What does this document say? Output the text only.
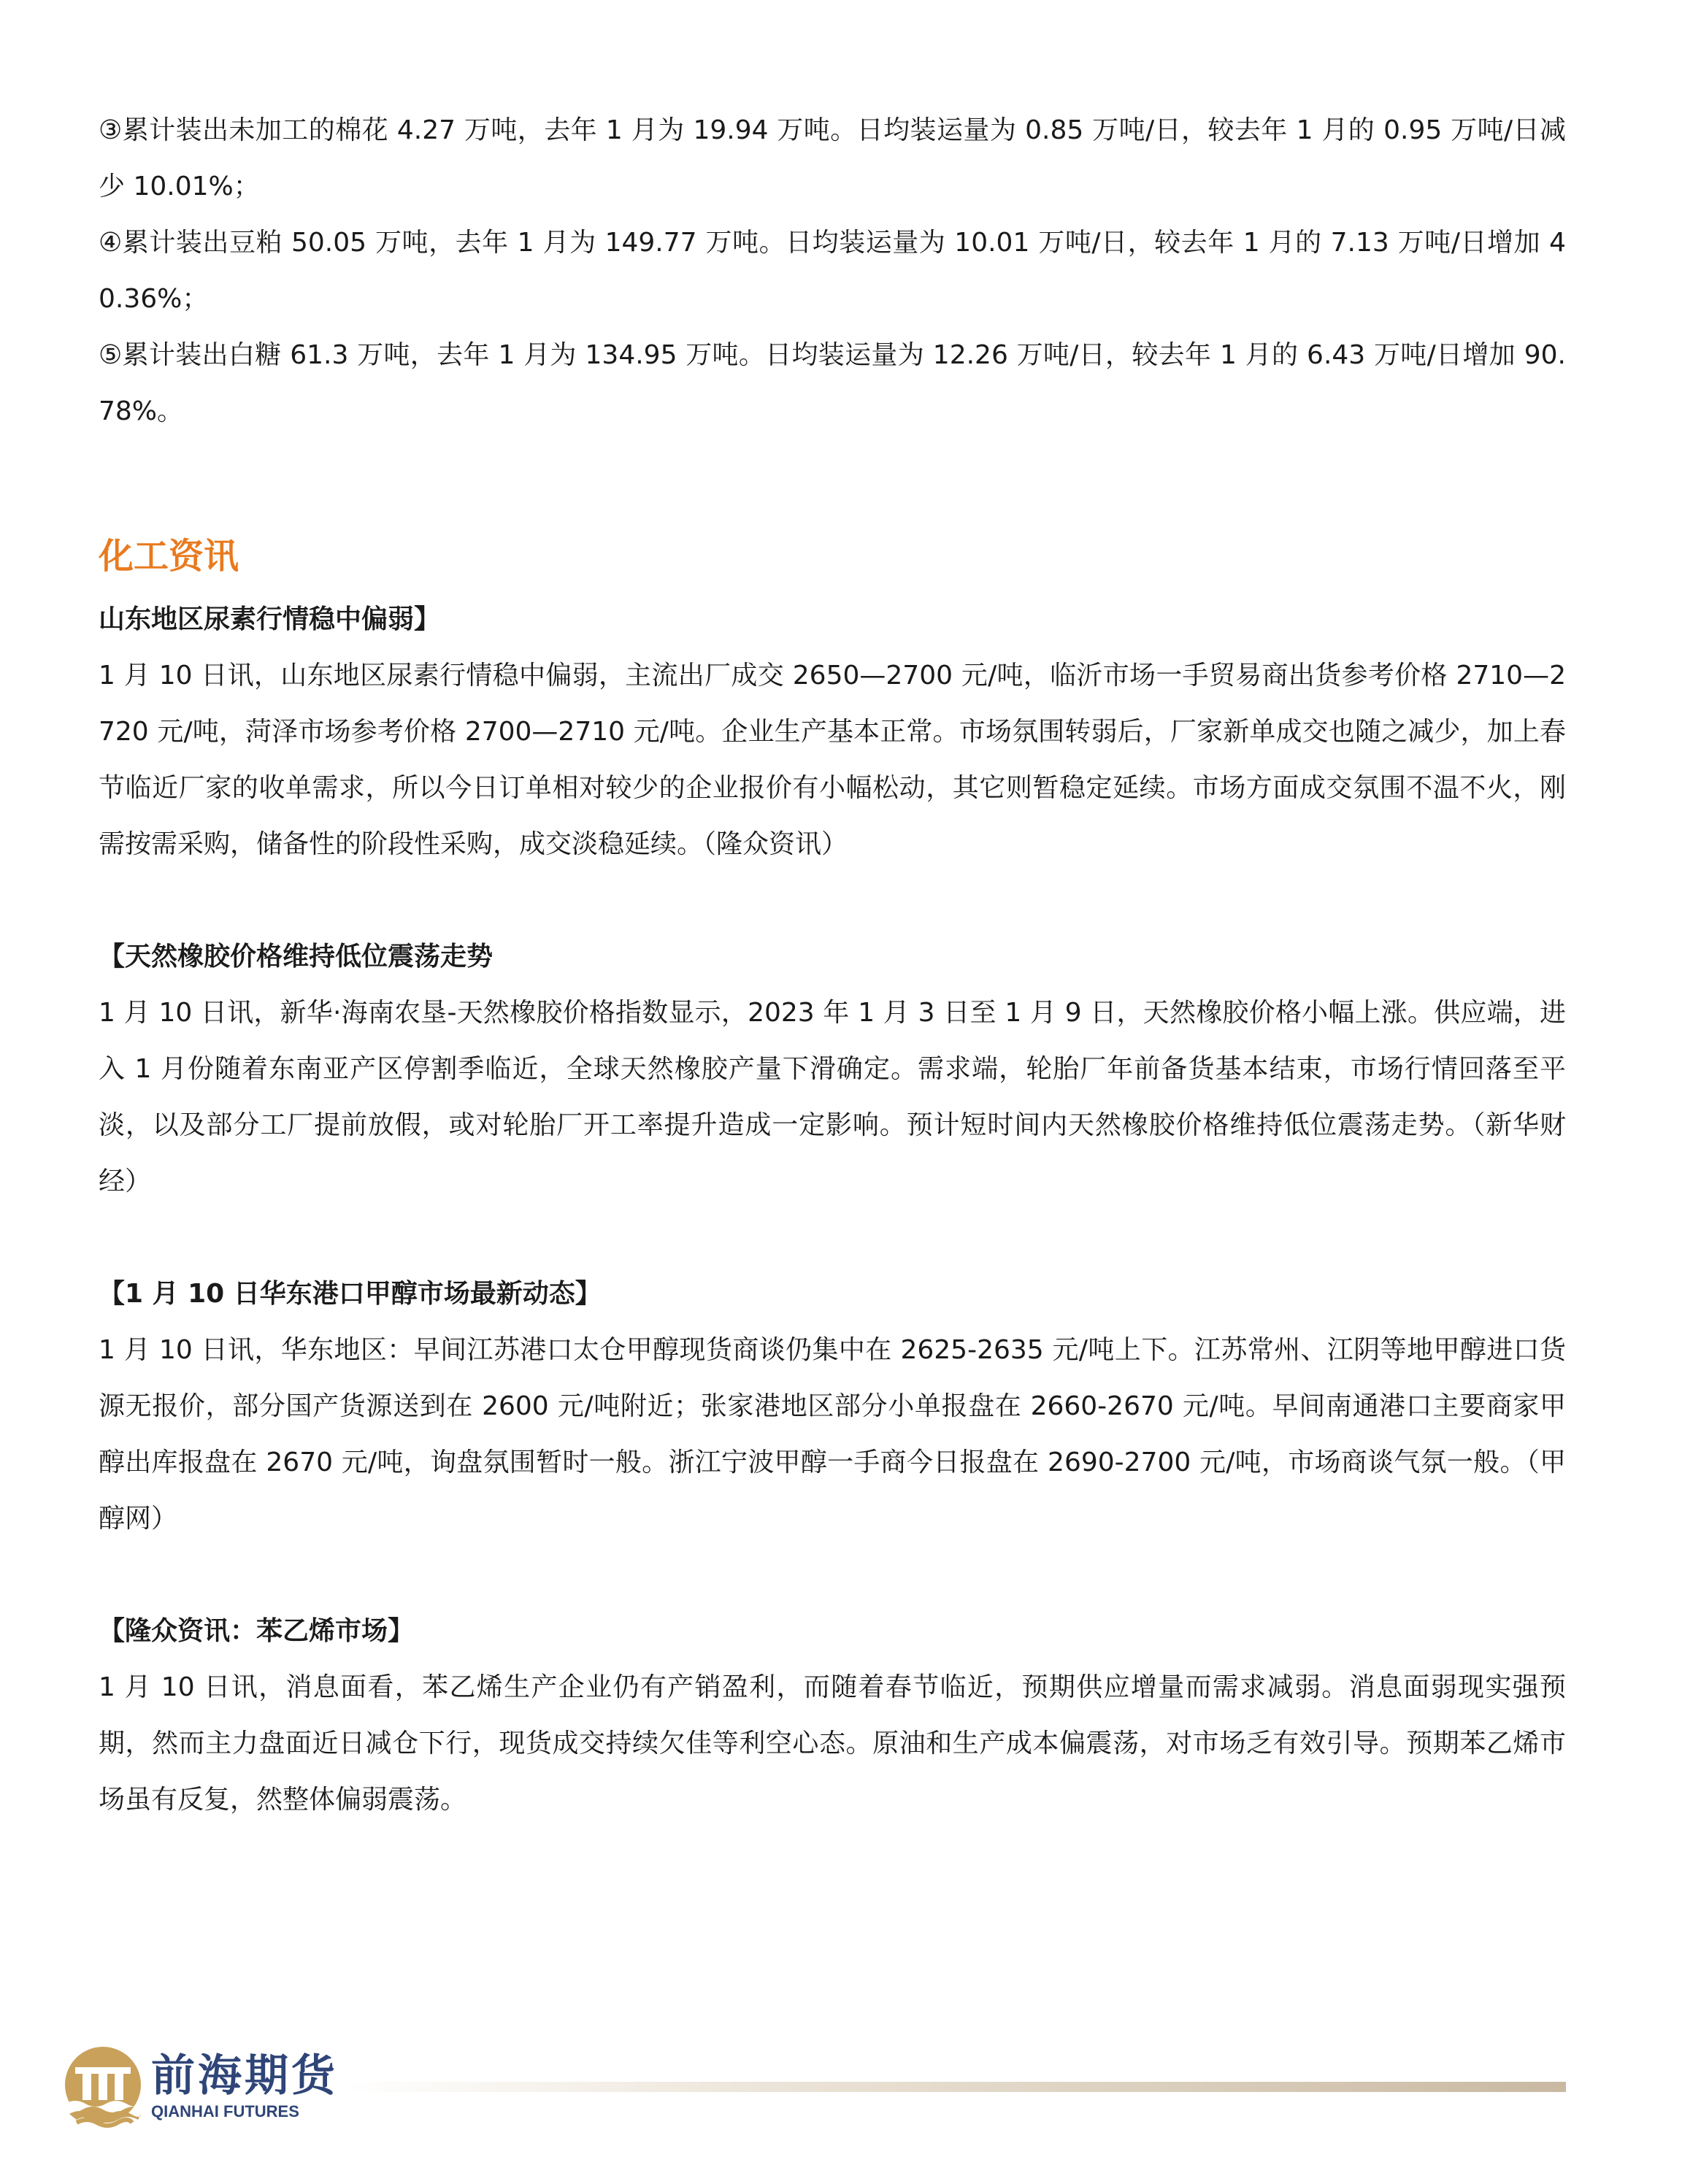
③累计装出未加工的棉花 4.27 万吨，去年 1 月为 19.94 万吨。日均装运量为 0.85 万吨/日，较去年 1 月的 0.95 万吨/日减少 10.01%；

④累计装出豆粕 50.05 万吨，去年 1 月为 149.77 万吨。日均装运量为 10.01 万吨/日，较去年 1 月的 7.13 万吨/日增加 40.36%；

⑤累计装出白糖 61.3 万吨，去年 1 月为 134.95 万吨。日均装运量为 12.26 万吨/日，较去年 1 月的 6.43 万吨/日增加 90.78%。

化工资讯

山东地区尿素行情稳中偏弱】

1 月 10 日讯，山东地区尿素行情稳中偏弱，主流出厂成交 2650—2700 元/吨，临沂市场一手贸易商出货参考价格 2710—2720 元/吨，菏泽市场参考价格 2700—2710 元/吨。企业生产基本正常。市场氛围转弱后，厂家新单成交也随之减少，加上春节临近厂家的收单需求，所以今日订单相对较少的企业报价有小幅松动，其它则暂稳定延续。市场方面成交氛围不温不火，刚需按需采购，储备性的阶段性采购，成交淡稳延续。（隆众资讯）

【天然橡胶价格维持低位震荡走势

1 月 10 日讯，新华·海南农垦-天然橡胶价格指数显示，2023 年 1 月 3 日至 1 月 9 日，天然橡胶价格小幅上涨。供应端，进入 1 月份随着东南亚产区停割季临近，全球天然橡胶产量下滑确定。需求端，轮胎厂年前备货基本结束，市场行情回落至平淡，以及部分工厂提前放假，或对轮胎厂开工率提升造成一定影响。预计短时间内天然橡胶价格维持低位震荡走势。（新华财经）

【1 月 10 日华东港口甲醇市场最新动态】

1 月 10 日讯，华东地区：早间江苏港口太仓甲醇现货商谈仍集中在 2625-2635 元/吨上下。江苏常州、江阴等地甲醇进口货源无报价，部分国产货源送到在 2600 元/吨附近；张家港地区部分小单报盘在 2660-2670 元/吨。早间南通港口主要商家甲醇出库报盘在 2670 元/吨，询盘氛围暂时一般。浙江宁波甲醇一手商今日报盘在 2690-2700 元/吨，市场商谈气氛一般。（甲醇网）

【隆众资讯：苯乙烯市场】

1 月 10 日讯，消息面看，苯乙烯生产企业仍有产销盈利，而随着春节临近，预期供应增量而需求减弱。消息面弱现实强预期，然而主力盘面近日减仓下行，现货成交持续欠佳等利空心态。原油和生产成本偏震荡，对市场乏有效引导。预期苯乙烯市场虽有反复，然整体偏弱震荡。

前海期货
QIANHAI FUTURES
